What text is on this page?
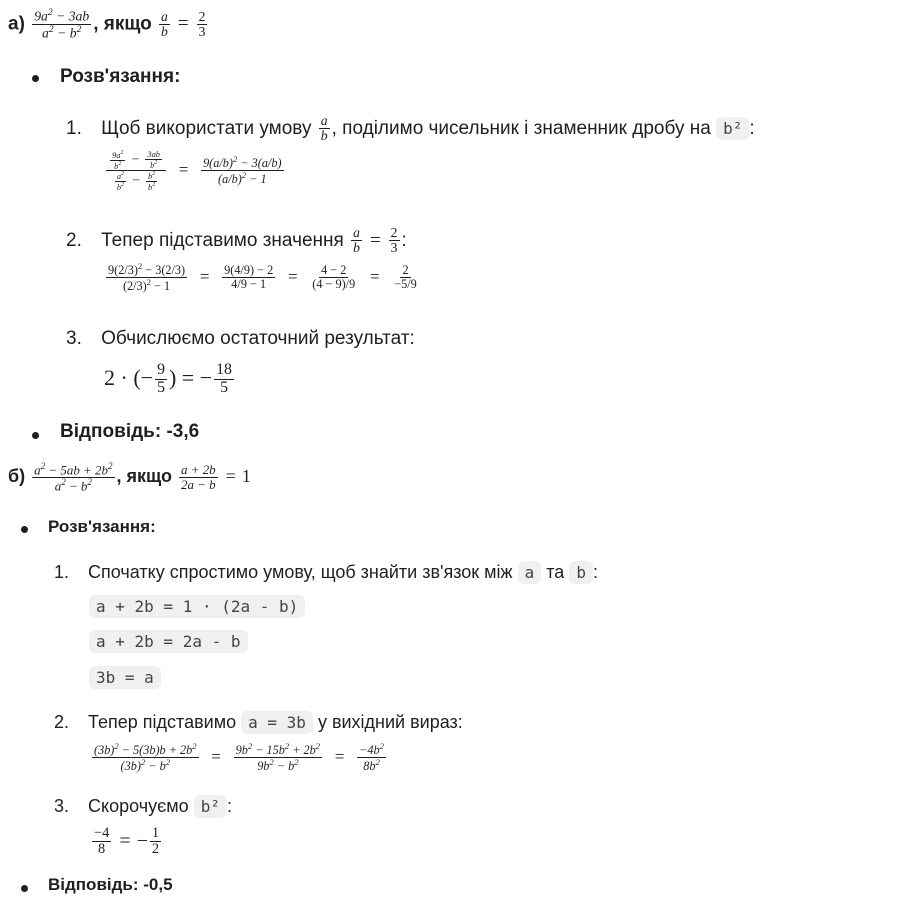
$а) \frac{9a^2 - 3ab}{a^2 - b^2}$ , якщо $\frac{a}{b} = \frac{2}{3}$
Розв'язання:
1. Щоб використати умову $\frac{a}{b}$ , поділимо чисельник і знаменник дробу на b² :
$\frac{\frac{9a^2}{b^2} - \frac{3ab}{b^2}}{\frac{a^2}{b^2} - \frac{b^2}{b^2}} = \frac{9(a/b)^2 - 3(a/b)}{(a/b)^2 - 1}$
2. Тепер підставимо значення $\frac{a}{b} = \frac{2}{3}$ :
$\frac{9(2/3)^2 - 3(2/3)}{(2/3)^2 - 1} = \frac{9(4/9) - 2}{4/9 - 1} = \frac{4 - 2}{(4 - 9)/9} = \frac{2}{-5/9}$
3. Обчислюємо остаточний результат:
2 · (− $\frac{9}{5}$ ) = − $\frac{18}{5}$
Відповідь: -3,6
$б) \frac{a^2 - 5ab + 2b^2}{a^2 - b^2}$ , якщо $\frac{a + 2b}{2a - b} = 1$
Розв'язання:
1. Спочатку спростимо умову, щоб знайти зв'язок між a та b :
a + 2b = 1 · (2a - b)
a + 2b = 2a - b
3b = a
2. Тепер підставимо a = 3b у вихідний вираз:
$\frac{(3b)^2 - 5(3b)b + 2b^2}{(3b)^2 - b^2} = \frac{9b^2 - 15b^2 + 2b^2}{9b^2 - b^2} = \frac{-4b^2}{8b^2}$
3. Скорочуємо b² :
$\frac{-4}{8}$ = − $\frac{1}{2}$
Відповідь: -0,5
